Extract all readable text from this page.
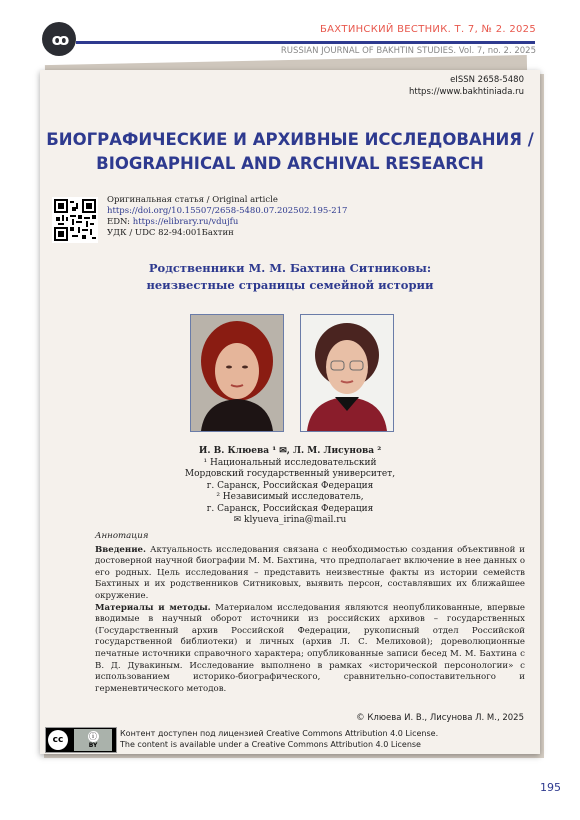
ꝏ	БАХТИНСКИЙ ВЕСТНИК. Т. 7, № 2. 2025
RUSSIAN JOURNAL OF BAKHTIN STUDIES. Vol. 7, no. 2. 2025
eISSN 2658-5480
https://www.bakhtiniada.ru
БИОГРАФИЧЕСКИЕ И АРХИВНЫЕ ИССЛЕДОВАНИЯ /
BIOGRAPHICAL AND ARCHIVAL RESEARCH
Оригинальная статья / Original article
https://doi.org/10.15507/2658-5480.07.202502.195-217
EDN: https://elibrary.ru/vdujfu
УДК / UDC 82-94:001Бахтин
Родственники М. М. Бахтина Ситниковы:
неизвестные страницы семейной истории
И. В. Клюева ¹ ✉, Л. М. Лисунова ²
¹ Национальный исследовательский
Мордовский государственный университет,
г. Саранск, Российская Федерация
² Независимый исследователь,
г. Саранск, Российская Федерация
✉ klyueva_irina@mail.ru
Аннотация
Введение. Актуальность исследования связана с необходимостью создания объективной и достоверной научной биографии М. М. Бахтина, что предполагает включение в нее данных о его родных. Цель исследования – представить неизвестные факты из истории семейств Бахтиных и их родственников Ситниковых, выявить персон, составлявших их ближайшее окружение.
Материалы и методы. Материалом исследования являются неопубликованные, впервые вводимые в научный оборот источники из российских архивов – государственных (Государственный архив Российской Федерации, рукописный отдел Российской государственной библиотеки) и личных (архив Л. С. Мелиховой); дореволюционные печатные источники справочного характера; опубликованные записи бесед М. М. Бахтина с В. Д. Дувакиным. Исследование выполнено в рамках «исторической персонологии» с использованием историко-биографического, сравнительно-сопоставительного и герменевтического методов.
© Клюева И. В., Лисунова Л. М., 2025
cc	ⓘ
BY
Контент доступен под лицензией Creative Commons Attribution 4.0 License.
The content is available under a Creative Commons Attribution 4.0 License
195
